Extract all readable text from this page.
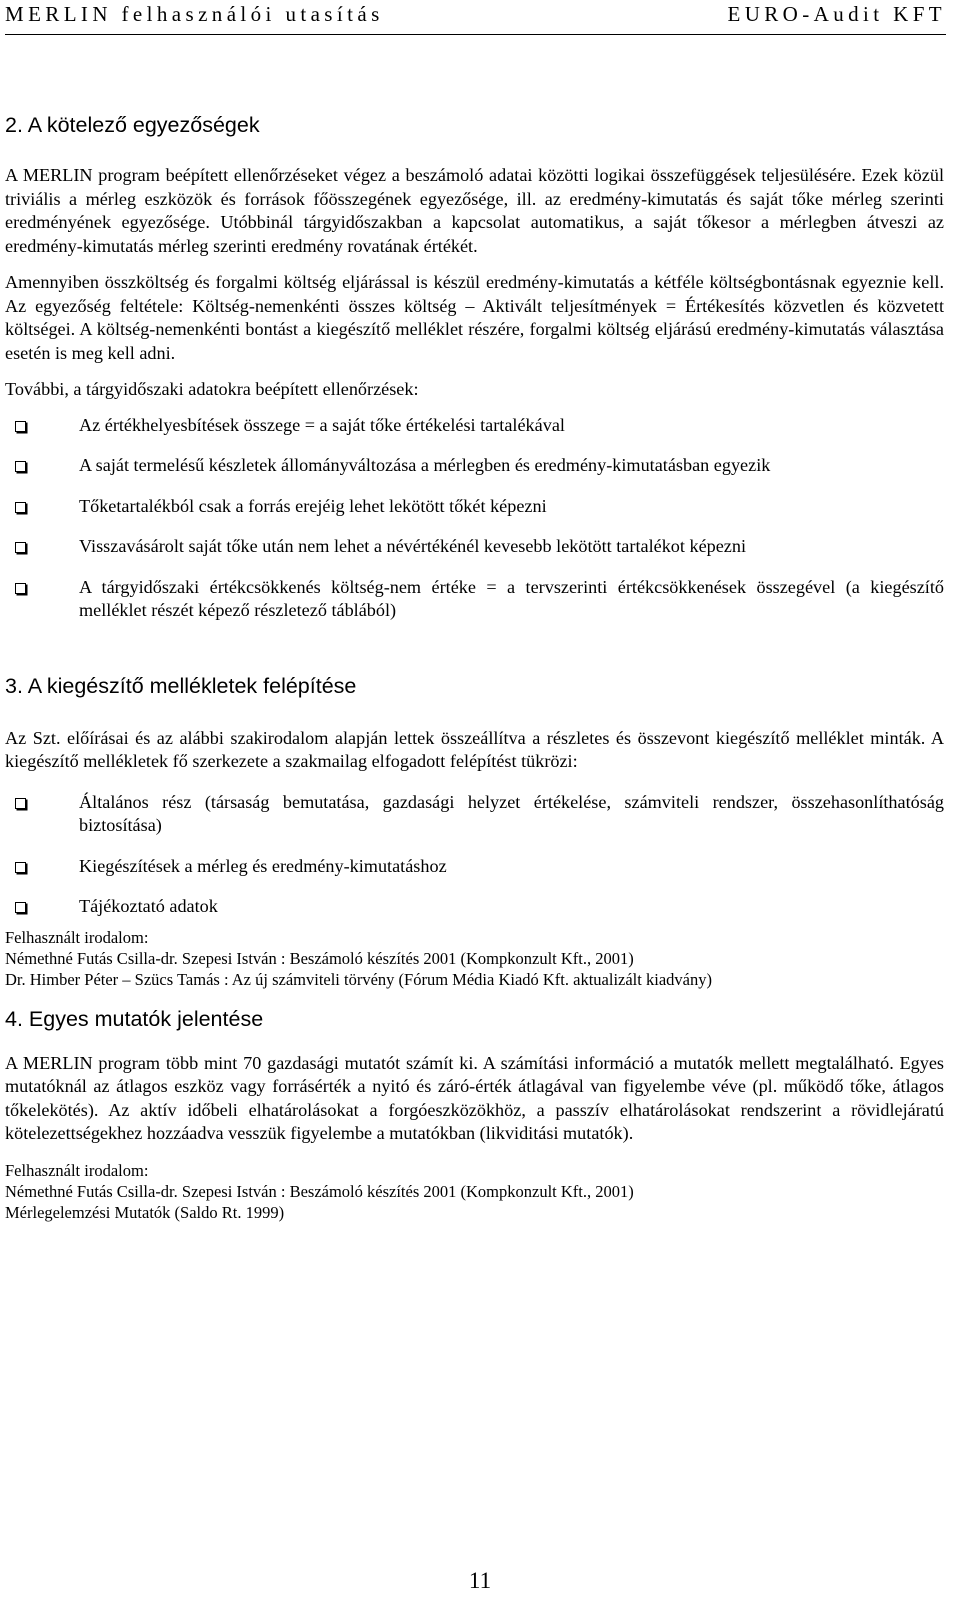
MERLIN felhasználói utasítás	EURO-Audit KFT
2. A kötelező egyezőségek

A MERLIN program beépített ellenőrzéseket végez a beszámoló adatai közötti logikai összefüggések teljesülésére. Ezek közül triviális a mérleg eszközök és források főösszegének egyezősége, ill. az eredmény-kimutatás és saját tőke mérleg szerinti eredményének egyezősége. Utóbbinál tárgyidőszakban a kapcsolat automatikus, a saját tőkesor a mérlegben átveszi az eredmény-kimutatás mérleg szerinti eredmény rovatának értékét.

Amennyiben összköltség és forgalmi költség eljárással is készül eredmény-kimutatás a kétféle költségbontásnak egyeznie kell. Az egyezőség feltétele: Költség-nemenkénti összes költség – Aktivált teljesítmények = Értékesítés közvetlen és közvetett költségei. A költség-nemenkénti bontást a kiegészítő melléklet részére, forgalmi költség eljárású eredmény-kimutatás választása esetén is meg kell adni.

További, a tárgyidőszaki adatokra beépített ellenőrzések:

Az értékhelyesbítések összege = a saját tőke értékelési tartalékával
A saját termelésű készletek állományváltozása a mérlegben és eredmény-kimutatásban egyezik
Tőketartalékból csak a forrás erejéig lehet lekötött tőkét képezni
Visszavásárolt saját tőke után nem lehet a névértékénél kevesebb lekötött tartalékot képezni
A tárgyidőszaki értékcsökkenés költség-nem értéke = a tervszerinti értékcsökkenések összegével (a kiegészítő melléklet részét képező részletező táblából)
3. A kiegészítő mellékletek felépítése

Az Szt. előírásai és az alábbi szakirodalom alapján lettek összeállítva a részletes és összevont kiegészítő melléklet minták. A kiegészítő mellékletek fő szerkezete a szakmailag elfogadott felépítést tükrözi:

Általános rész (társaság bemutatása, gazdasági helyzet értékelése, számviteli rendszer, összehasonlíthatóság biztosítása)
Kiegészítések a mérleg és eredmény-kimutatáshoz
Tájékoztató adatok
Felhasznált irodalom:
Némethné Futás Csilla-dr. Szepesi István : Beszámoló készítés 2001 (Kompkonzult Kft., 2001)
Dr. Himber Péter – Szücs Tamás : Az új számviteli törvény (Fórum Média Kiadó Kft. aktualizált kiadvány)
4. Egyes mutatók jelentése

A MERLIN program több mint 70 gazdasági mutatót számít ki. A számítási információ a mutatók mellett megtalálható. Egyes mutatóknál az átlagos eszköz vagy forrásérték a nyitó és záró-érték átlagával van figyelembe véve (pl. működő tőke, átlagos tőkelekötés). Az aktív időbeli elhatárolásokat a forgóeszközökhöz, a passzív elhatárolásokat rendszerint a rövidlejáratú kötelezettségekhez hozzáadva vesszük figyelembe a mutatókban (likviditási mutatók).

Felhasznált irodalom:
Némethné Futás Csilla-dr. Szepesi István : Beszámoló készítés 2001 (Kompkonzult Kft., 2001)
Mérlegelemzési Mutatók (Saldo Rt. 1999)
11
